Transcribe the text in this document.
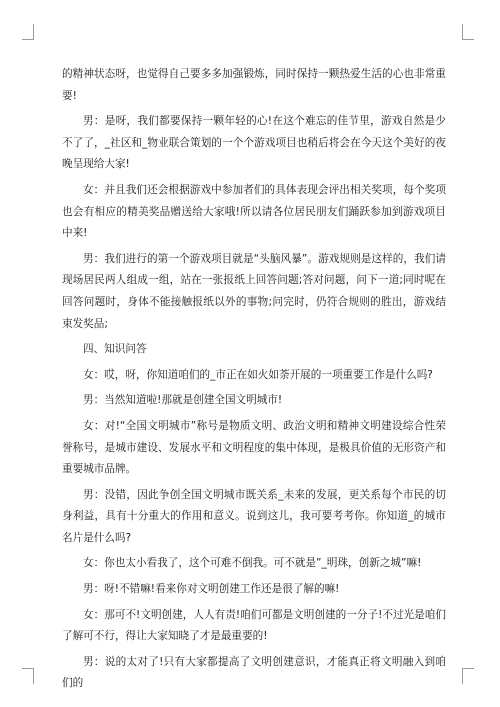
的精神状态呀，也觉得自己要多多加强锻炼，同时保持一颗热爱生活的心也非常重要!

男：是呀，我们都要保持一颗年轻的心!在这个难忘的佳节里，游戏自然是少不了了，_社区和_物业联合策划的一个个游戏项目也稍后将会在今天这个美好的夜晚呈现给大家!

女：并且我们还会根据游戏中参加者们的具体表现会评出相关奖项，每个奖项也会有相应的精美奖品赠送给大家哦!所以请各位居民朋友们踊跃参加到游戏项目中来!

男：我们进行的第一个游戏项目就是“头脑风暴”。游戏规则是这样的，我们请现场居民两人组成一组，站在一张报纸上回答问题;答对问题，问下一道;同时呢在回答问题时，身体不能接触报纸以外的事物;问完时，仍符合规则的胜出，游戏结束发奖品;

四、知识问答

女：哎，呀，你知道咱们的_市正在如火如荼开展的一项重要工作是什么吗?

男：当然知道啦!那就是创建全国文明城市!

女：对!“全国文明城市”称号是物质文明、政治文明和精神文明建设综合性荣誉称号，是城市建设、发展水平和文明程度的集中体现，是极具价值的无形资产和重要城市品牌。

男：没错，因此争创全国文明城市既关系_未来的发展，更关系每个市民的切身利益，具有十分重大的作用和意义。说到这儿，我可要考考你。你知道_的城市名片是什么吗?

女：你也太小看我了，这个可难不倒我。可不就是”_明珠，创新之城”嘛!

男：呀!不错嘛!看来你对文明创建工作还是很了解的嘛!

女：那可不!文明创建，人人有责!咱们可都是文明创建的一分子!不过光是咱们了解可不行，得让大家知晓了才是最重要的!

男：说的太对了!只有大家都提高了文明创建意识，才能真正将文明融入到咱们的
